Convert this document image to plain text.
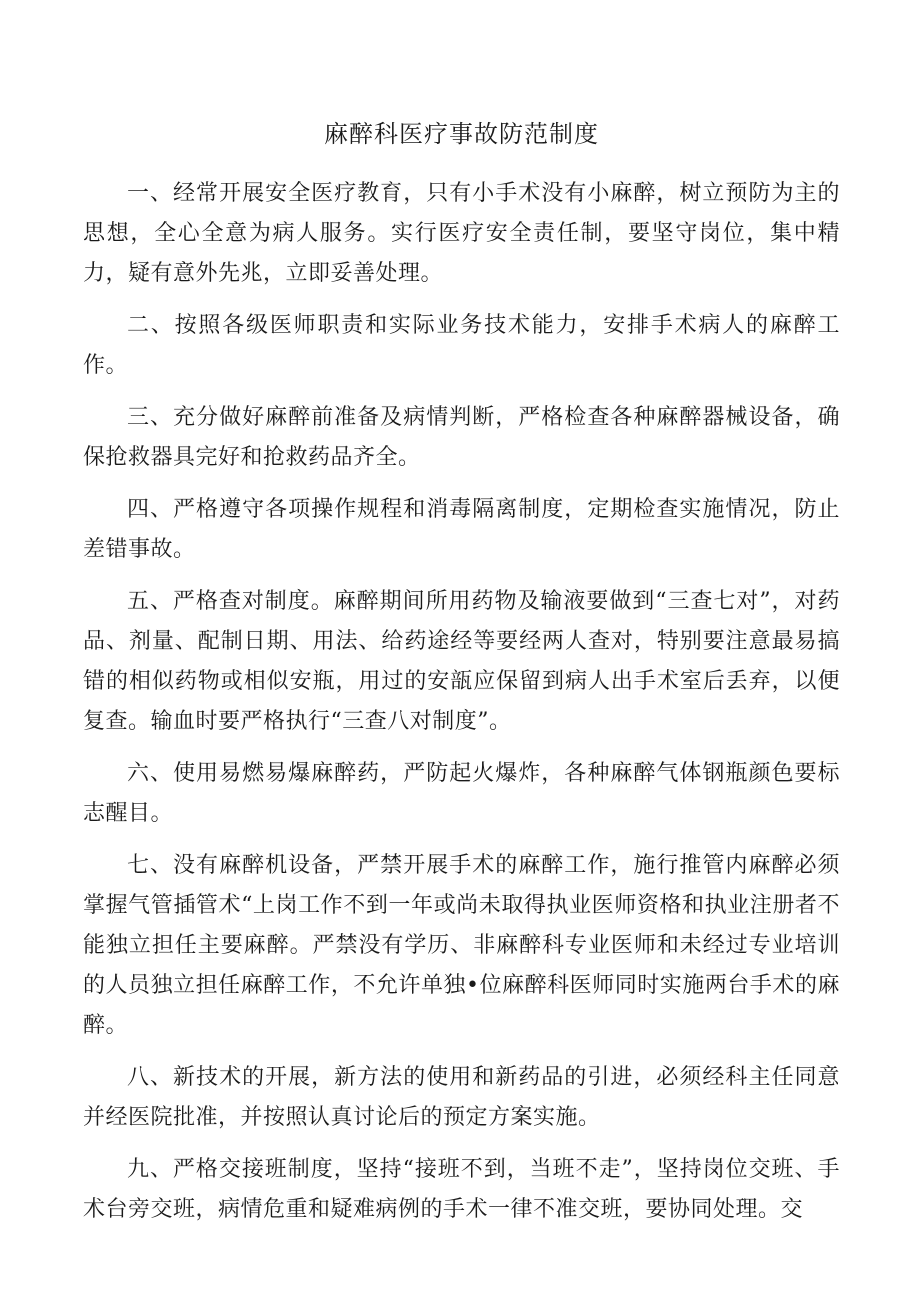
麻醉科医疗事故防范制度

一、经常开展安全医疗教育，只有小手术没有小麻醉，树立预防为主的思想，全心全意为病人服务。实行医疗安全责任制，要坚守岗位，集中精力，疑有意外先兆，立即妥善处理。

二、按照各级医师职责和实际业务技术能力，安排手术病人的麻醉工作。

三、充分做好麻醉前准备及病情判断，严格检查各种麻醉器械设备，确保抢救器具完好和抢救药品齐全。

四、严格遵守各项操作规程和消毒隔离制度，定期检查实施情况，防止差错事故。

五、严格查对制度。麻醉期间所用药物及输液要做到“三查七对”，对药品、剂量、配制日期、用法、给药途经等要经两人查对，特别要注意最易搞错的相似药物或相似安瓶，用过的安瓿应保留到病人出手术室后丢弃，以便复查。输血时要严格执行“三查八对制度”。

六、使用易燃易爆麻醉药，严防起火爆炸，各种麻醉气体钢瓶颜色要标志醒目。

七、没有麻醉机设备，严禁开展手术的麻醉工作，施行推管内麻醉必须掌握气管插管术“上岗工作不到一年或尚未取得执业医师资格和执业注册者不能独立担任主要麻醉。严禁没有学历、非麻醉科专业医师和未经过专业培训的人员独立担任麻醉工作，不允许单独•位麻醉科医师同时实施两台手术的麻醉。

八、新技术的开展，新方法的使用和新药品的引进，必须经科主任同意并经医院批准，并按照认真讨论后的预定方案实施。

九、严格交接班制度，坚持“接班不到，当班不走”，坚持岗位交班、手术台旁交班，病情危重和疑难病例的手术一律不准交班，要协同处理。交
